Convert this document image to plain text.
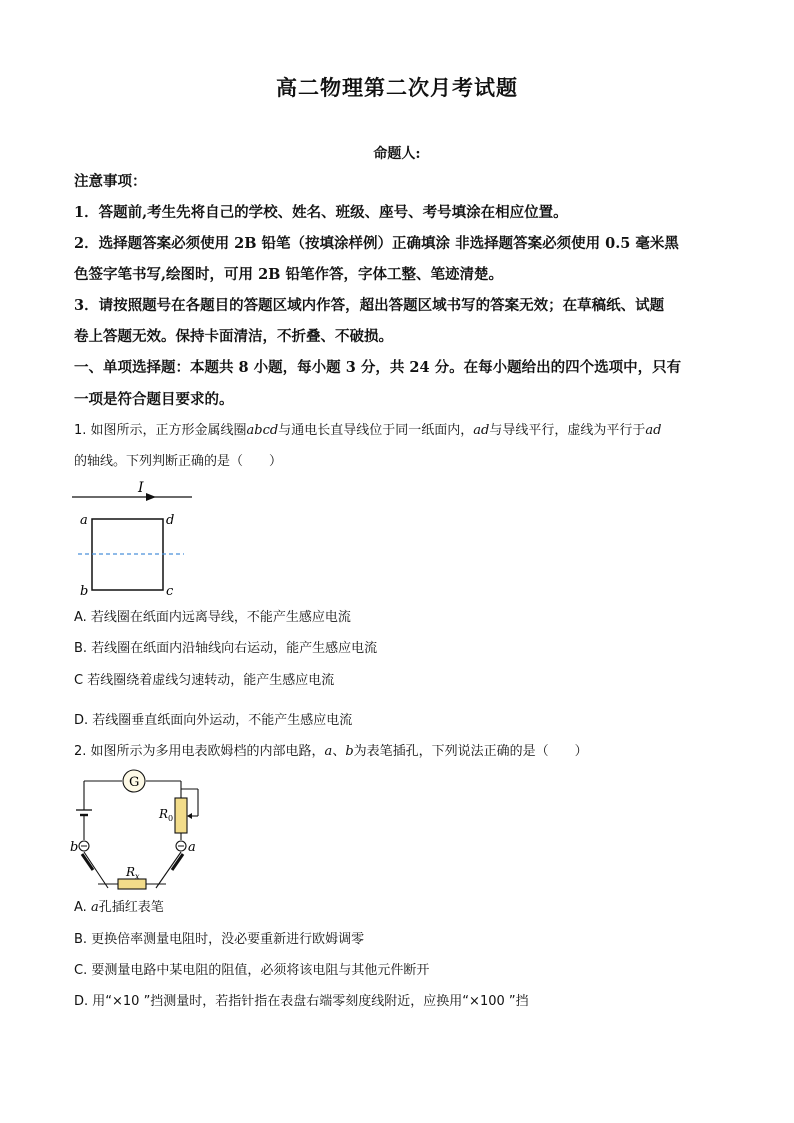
高二物理第二次月考试题
命题人:
注意事项：
1．答题前,考生先将自己的学校、姓名、班级、座号、考号填涂在相应位置。
2．选择题答案必须使用 2B 铅笔（按填涂样例）正确填涂 非选择题答案必须使用 0.5 毫米黑
色签字笔书写,绘图时，可用 2B 铅笔作答，字体工整、笔迹清楚。
3．请按照题号在各题目的答题区域内作答，超出答题区域书写的答案无效；在草稿纸、试题
卷上答题无效。保持卡面清洁，不折叠、不破损。
一、单项选择题：本题共 8 小题，每小题 3 分，共 24 分。在每小题给出的四个选项中，只有
一项是符合题目要求的。
1. 如图所示，正方形金属线圈abcd与通电长直导线位于同一纸面内，ad与导线平行，虚线为平行于ad
的轴线。下列判断正确的是（　　）
I
a	d
b	c
A. 若线圈在纸面内远离导线，不能产生感应电流
B. 若线圈在纸面内沿轴线向右运动，能产生感应电流
C 若线圈绕着虚线匀速转动，能产生感应电流
D. 若线圈垂直纸面向外运动，不能产生感应电流
2. 如图所示为多用电表欧姆档的内部电路，a、b为表笔插孔，下列说法正确的是（　　）
G
$R_0$
b	a
$R_x$
A. a孔插红表笔
B. 更换倍率测量电阻时，没必要重新进行欧姆调零
C. 要测量电路中某电阻的阻值，必须将该电阻与其他元件断开
D. 用“×10 ”挡测量时，若指针指在表盘右端零刻度线附近，应换用“×100 ”挡
